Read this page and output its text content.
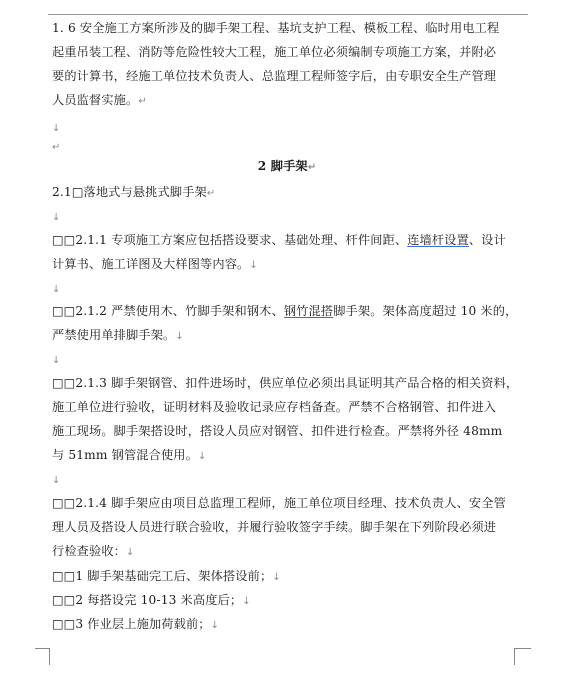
1. 6 安全施工方案所涉及的脚手架工程、基坑支护工程、模板工程、临时用电工程
起重吊装工程、消防等危险性较大工程，施工单位必须编制专项施工方案，并附必
要的计算书，经施工单位技术负责人、总监理工程师签字后，由专职安全生产管理
人员监督实施。↵
↓
↵
2 脚手架↵
2.1□落地式与悬挑式脚手架↵
↓
□□2.1.1 专项施工方案应包括搭设要求、基础处理、杆件间距、连墙杆设置、设计
计算书、施工详图及大样图等内容。↓
↓
□□2.1.2 严禁使用木、竹脚手架和钢木、钢竹混搭脚手架。架体高度超过 10 米的，
严禁使用单排脚手架。↓
↓
□□2.1.3 脚手架钢管、扣件进场时，供应单位必须出具证明其产品合格的相关资料，
施工单位进行验收，证明材料及验收记录应存档备查。严禁不合格钢管、扣件进入
施工现场。脚手架搭设时，搭设人员应对钢管、扣件进行检查。严禁将外径 48mm
与 51mm 钢管混合使用。↓
↓
□□2.1.4 脚手架应由项目总监理工程师，施工单位项目经理、技术负责人、安全管
理人员及搭设人员进行联合验收，并履行验收签字手续。脚手架在下列阶段必须进
行检查验收：↓
□□1 脚手架基础完工后、架体搭设前；↓
□□2 每搭设完 10-13 米高度后；↓
□□3 作业层上施加荷载前；↓
